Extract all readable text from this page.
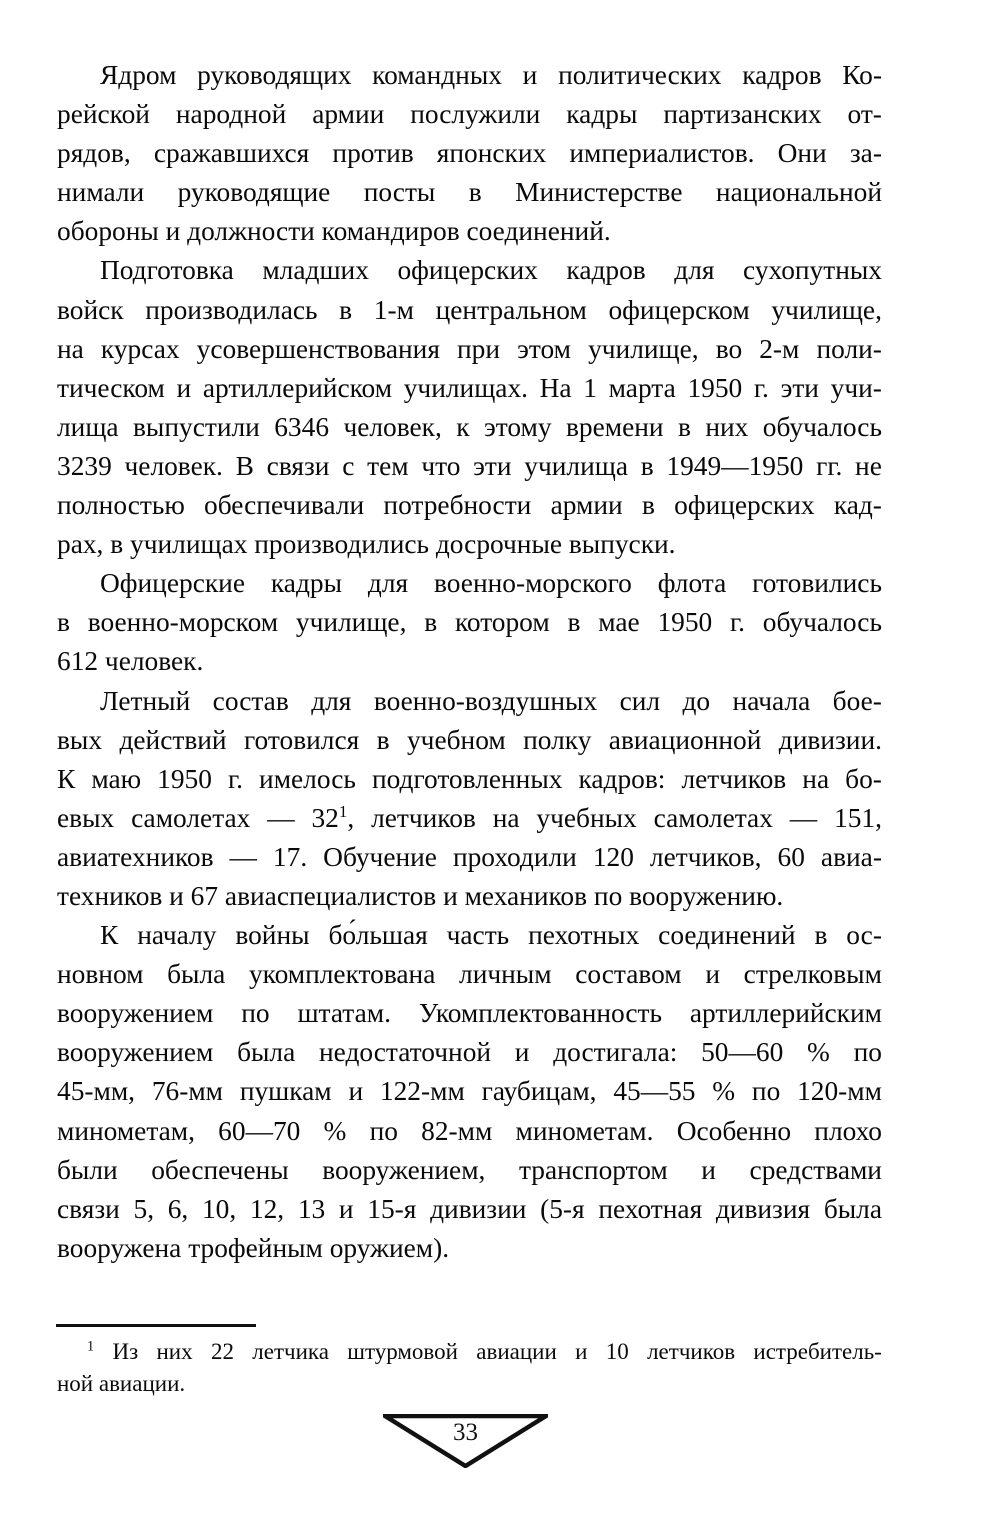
Ядром руководящих командных и политических кадров Ко-
рейской народной армии послужили кадры партизанских от-
рядов, сражавшихся против японских империалистов. Они за-
нимали руководящие посты в Министерстве национальной
обороны и должности командиров соединений.
Подготовка младших офицерских кадров для сухопутных
войск производилась в 1-м центральном офицерском училище,
на курсах усовершенствования при этом училище, во 2-м поли-
тическом и артиллерийском училищах. На 1 марта 1950 г. эти учи-
лища выпустили 6346 человек, к этому времени в них обучалось
3239 человек. В связи с тем что эти училища в 1949—1950 гг. не
полностью обеспечивали потребности армии в офицерских кад-
рах, в училищах производились досрочные выпуски.
Офицерские кадры для военно-морского флота готовились
в военно-морском училище, в котором в мае 1950 г. обучалось
612 человек.
Летный состав для военно-воздушных сил до начала бое-
вых действий готовился в учебном полку авиационной дивизии.
К маю 1950 г. имелось подготовленных кадров: летчиков на бо-
евых самолетах — 32$^1$, летчиков на учебных самолетах — 151,
авиатехников — 17. Обучение проходили 120 летчиков, 60 авиа-
техников и 67 авиаспециалистов и механиков по вооружению.
К началу войны бо́льшая часть пехотных соединений в ос-
новном была укомплектована личным составом и стрелковым
вооружением по штатам. Укомплектованность артиллерийским
вооружением была недостаточной и достигала: 50—60 % по
45-мм, 76-мм пушкам и 122-мм гаубицам, 45—55 % по 120-мм
минометам, 60—70 % по 82-мм минометам. Особенно плохо
были обеспечены вооружением, транспортом и средствами
связи 5, 6, 10, 12, 13 и 15-я дивизии (5-я пехотная дивизия была
вооружена трофейным оружием).
$^1$ Из них 22 летчика штурмовой авиации и 10 летчиков истребитель-
ной авиации.
33
